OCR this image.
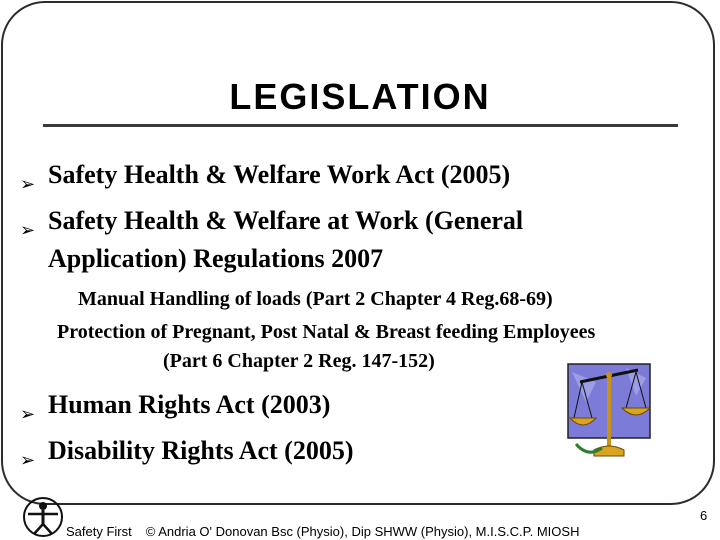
LEGISLATION
➢ Safety Health & Welfare Work Act (2005)
➢ Safety Health & Welfare at Work (General Application) Regulations 2007
Manual Handling of loads (Part 2 Chapter 4 Reg.68-69)
Protection of Pregnant, Post Natal & Breast feeding Employees
(Part 6 Chapter 2 Reg. 147-152)
➢ Human Rights Act (2003)
➢ Disability Rights Act (2005)
Safety First © Andria O' Donovan Bsc (Physio), Dip SHWW (Physio), M.I.S.C.P. MIOSH
6
